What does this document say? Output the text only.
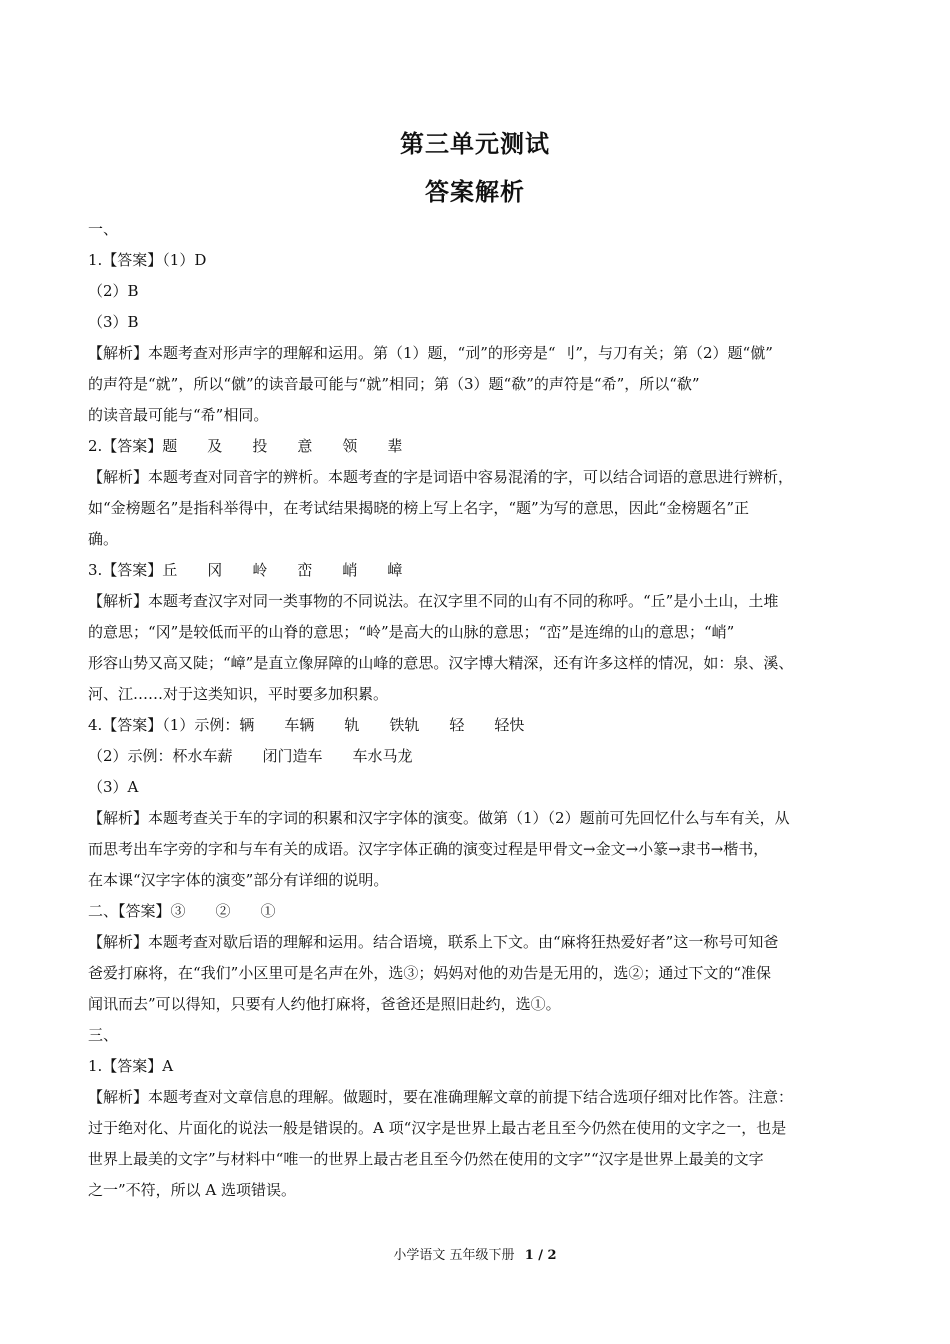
第三单元测试
答案解析
一、
1.【答案】（1）D
（2）B
（3）B
【解析】本题考查对形声字的理解和运用。第（1）题，“刓”的形旁是“ 刂”，与刀有关；第（2）题“僦”
的声符是“就”，所以“僦”的读音最可能与“就”相同；第（3）题“欷”的声符是“希”，所以“欷”
的读音最可能与“希”相同。
2.【答案】题　　及　　投　　意　　领　　辈
【解析】本题考查对同音字的辨析。本题考查的字是词语中容易混淆的字，可以结合词语的意思进行辨析，
如“金榜题名”是指科举得中，在考试结果揭晓的榜上写上名字，“题”为写的意思，因此“金榜题名”正
确。
3.【答案】丘　　冈　　岭　　峦　　峭　　嶂
【解析】本题考查汉字对同一类事物的不同说法。在汉字里不同的山有不同的称呼。“丘”是小土山，土堆
的意思；“冈”是较低而平的山脊的意思；“岭”是高大的山脉的意思；“峦”是连绵的山的意思；“峭”
形容山势又高又陡；“嶂”是直立像屏障的山峰的意思。汉字博大精深，还有许多这样的情况，如：泉、溪、
河、江……对于这类知识，平时要多加积累。
4.【答案】（1）示例：辆　　车辆　　轨　　铁轨　　轻　　轻快
（2）示例：杯水车薪　　闭门造车　　车水马龙
（3）A
【解析】本题考查关于车的字词的积累和汉字字体的演变。做第（1）（2）题前可先回忆什么与车有关，从
而思考出车字旁的字和与车有关的成语。汉字字体正确的演变过程是甲骨文→金文→小篆→隶书→楷书，
在本课“汉字字体的演变”部分有详细的说明。
二、【答案】③　　②　　①
【解析】本题考查对歇后语的理解和运用。结合语境，联系上下文。由“麻将狂热爱好者”这一称号可知爸
爸爱打麻将，在“我们”小区里可是名声在外，选③；妈妈对他的劝告是无用的，选②；通过下文的“准保
闻讯而去”可以得知，只要有人约他打麻将，爸爸还是照旧赴约，选①。
三、
1.【答案】A
【解析】本题考查对文章信息的理解。做题时，要在准确理解文章的前提下结合选项仔细对比作答。注意：
过于绝对化、片面化的说法一般是错误的。A 项“汉字是世界上最古老且至今仍然在使用的文字之一，也是
世界上最美的文字”与材料中“唯一的世界上最古老且至今仍然在使用的文字”“汉字是世界上最美的文字
之一”不符，所以 A 选项错误。
小学语文 五年级下册 1 / 2
